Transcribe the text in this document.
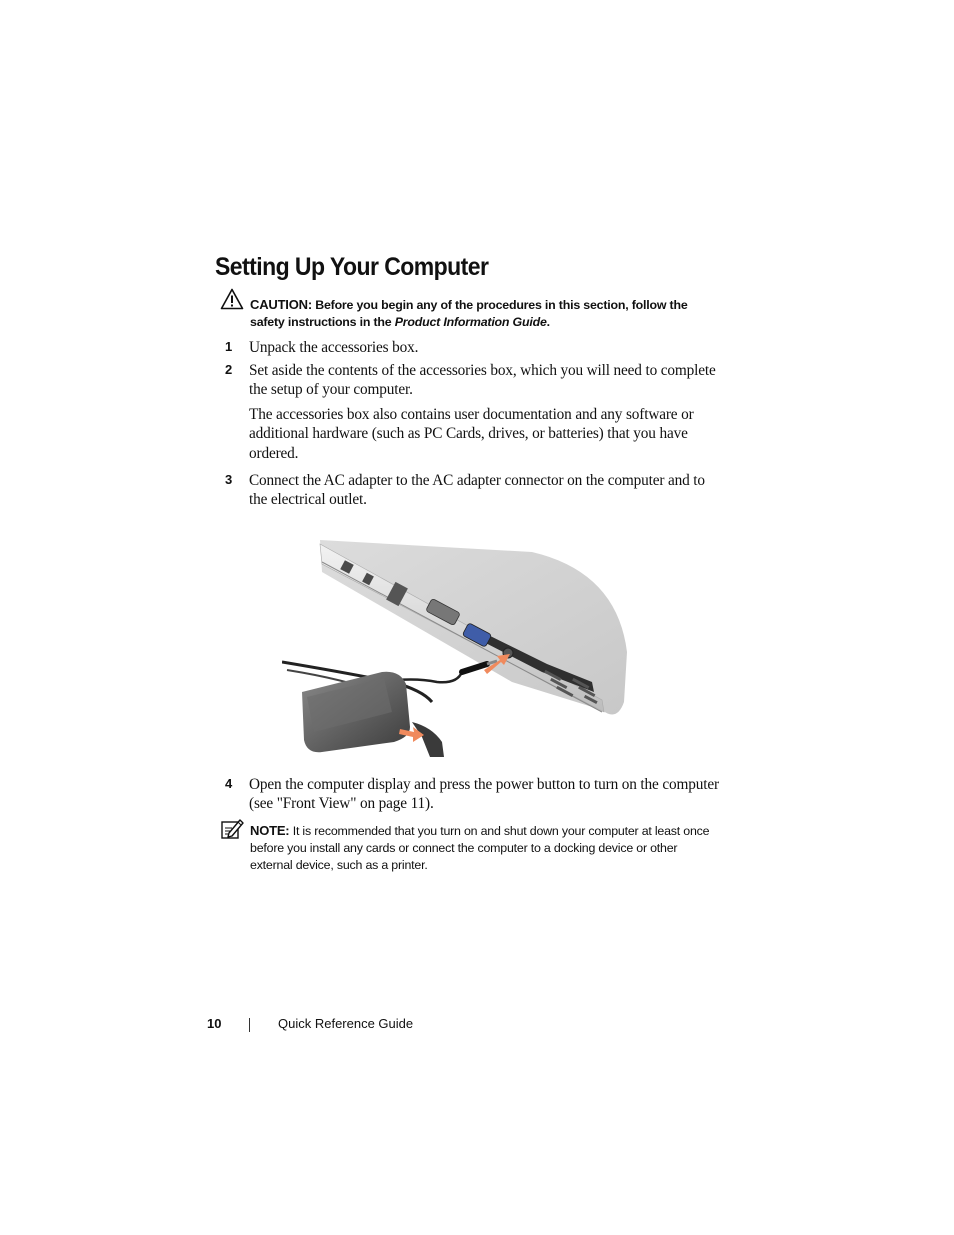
Setting Up Your Computer
CAUTION: Before you begin any of the procedures in this section, follow the safety instructions in the Product Information Guide.
1 Unpack the accessories box.
2 Set aside the contents of the accessories box, which you will need to complete the setup of your computer.
The accessories box also contains user documentation and any software or additional hardware (such as PC Cards, drives, or batteries) that you have ordered.
3 Connect the AC adapter to the AC adapter connector on the computer and to the electrical outlet.
4 Open the computer display and press the power button to turn on the computer (see "Front View" on page 11).
NOTE: It is recommended that you turn on and shut down your computer at least once before you install any cards or connect the computer to a docking device or other external device, such as a printer.
10	Quick Reference Guide
